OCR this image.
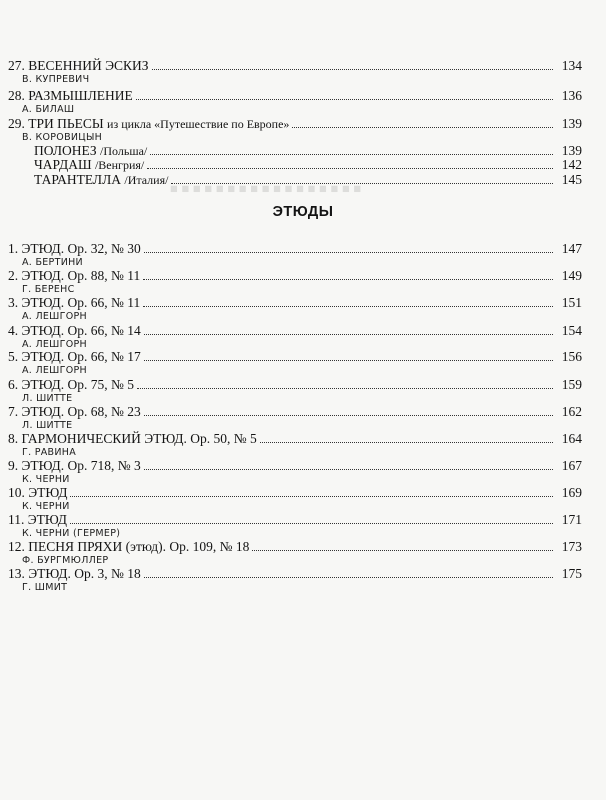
27. ВЕСЕННИЙ ЭСКИЗ	134
В. КУПРЕВИЧ
28. РАЗМЫШЛЕНИЕ	136
А. БИЛАШ
29. ТРИ ПЬЕСЫ из цикла «Путешествие по Европе»	139
В. КОРОВИЦЫН
ПОЛОНЕЗ /Польша/	139
ЧАРДАШ /Венгрия/	142
ТАРАНТЕЛЛА /Италия/	145
ЭТЮДЫ
1. ЭТЮД. Ор. 32, № 30	147
А. БЕРТИНИ
2. ЭТЮД. Ор. 88, № 11	149
Г. БЕРЕНС
3. ЭТЮД. Ор. 66, № 11	151
А. ЛЕШГОРН
4. ЭТЮД. Ор. 66, № 14	154
А. ЛЕШГОРН
5. ЭТЮД. Ор. 66, № 17	156
А. ЛЕШГОРН
6. ЭТЮД. Ор. 75, № 5	159
Л. ШИТТЕ
7. ЭТЮД. Ор. 68, № 23	162
Л. ШИТТЕ
8. ГАРМОНИЧЕСКИЙ ЭТЮД. Ор. 50, № 5	164
Г. РАВИНА
9. ЭТЮД. Ор. 718, № 3	167
К. ЧЕРНИ
10. ЭТЮД	169
К. ЧЕРНИ
11. ЭТЮД	171
К. ЧЕРНИ (ГЕРМЕР)
12. ПЕСНЯ ПРЯХИ (этюд). Ор. 109, № 18	173
Ф. БУРГМЮЛЛЕР
13. ЭТЮД. Ор. 3, № 18	175
Г. ШМИТ
■ ■ ■ ■ ■ ■ ■ ■ ■ ■ ■ ■ ■ ■ ■ ■ ■
